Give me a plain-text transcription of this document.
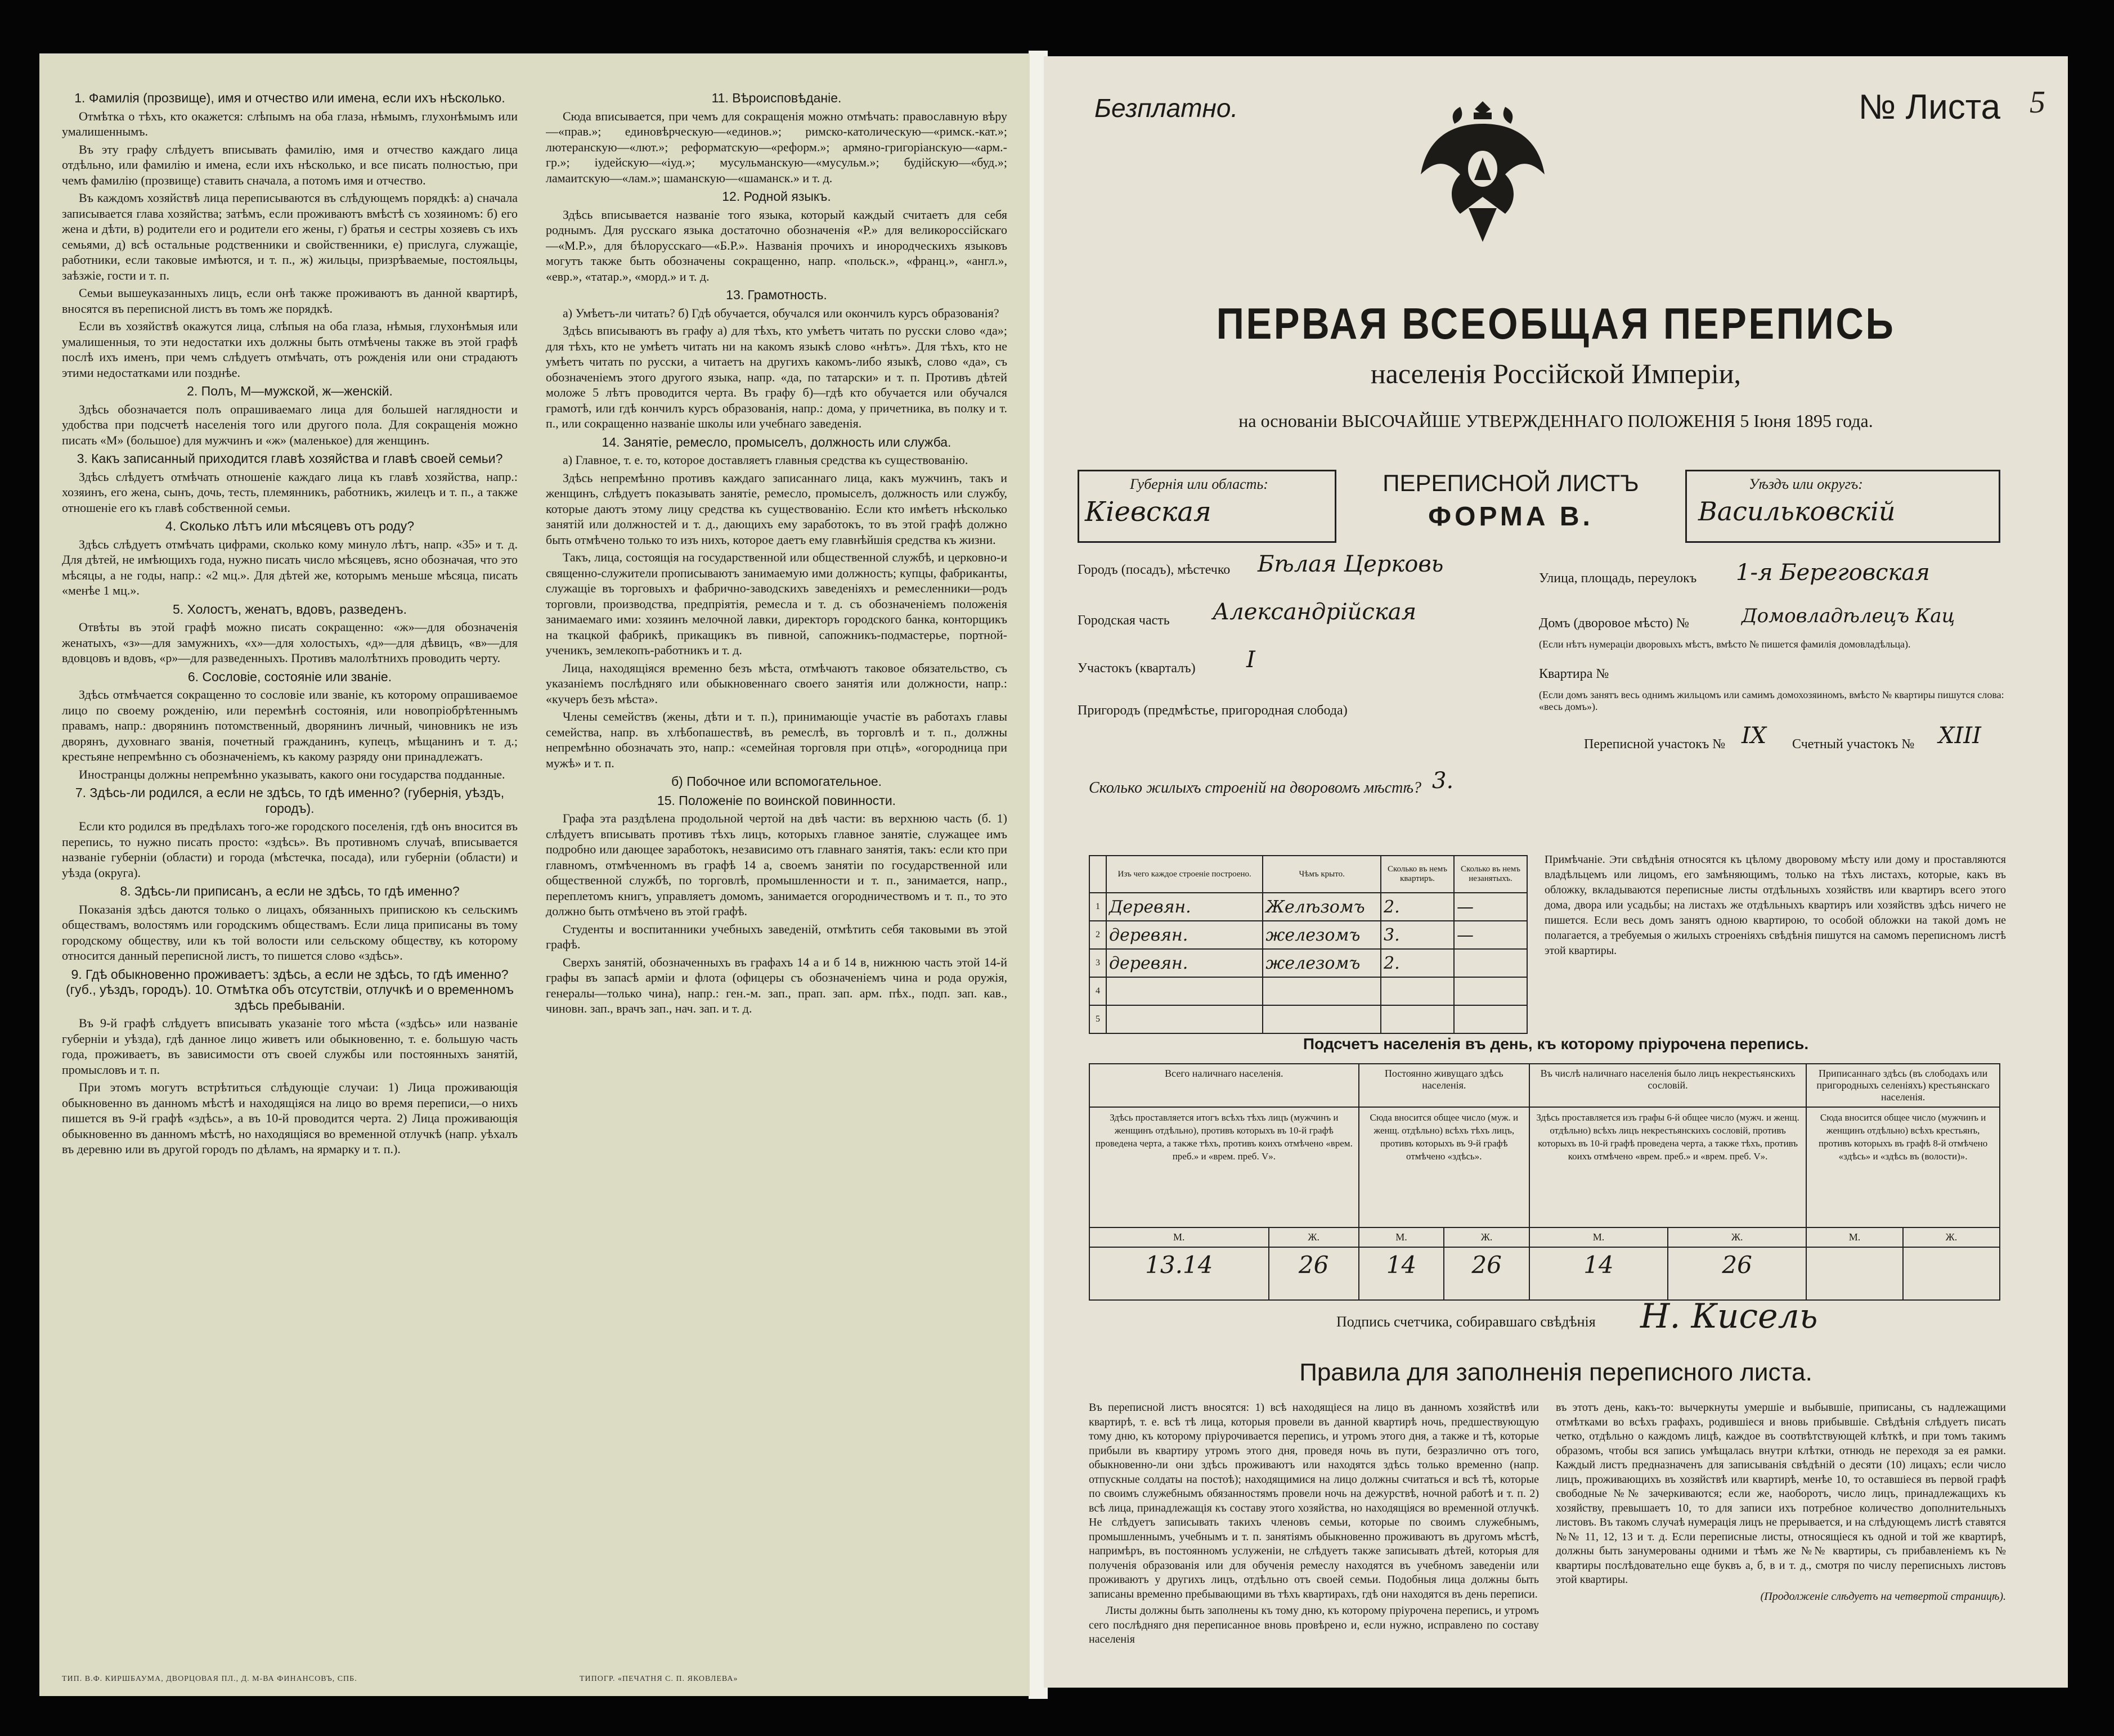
1. Фамилія (прозвище), имя и отчество или имена, если ихъ нѣсколько.

Отмѣтка о тѣхъ, кто окажется: слѣпымъ на оба глаза, нѣмымъ, глухонѣмымъ или умалишеннымъ.

Въ эту графу слѣдуетъ вписывать фамилію, имя и отчество каждаго лица отдѣльно, или фамилію и имена, если ихъ нѣсколько, и все писать полностью, при чемъ фамилію (прозвище) ставить сначала, а потомъ имя и отчество.

Въ каждомъ хозяйствѣ лица переписываются въ слѣдующемъ порядкѣ: а) сначала записывается глава хозяйства; затѣмъ, если проживаютъ вмѣстѣ съ хозяиномъ: б) его жена и дѣти, в) родители его и родители его жены, г) братья и сестры хозяевъ съ ихъ семьями, д) всѣ остальные родственники и свойственники, е) прислуга, служащіе, работники, если таковые имѣются, и т. п., ж) жильцы, призрѣваемые, постояльцы, заѣзжіе, гости и т. п.

Семьи вышеуказанныхъ лицъ, если онѣ также проживаютъ въ данной квартирѣ, вносятся въ переписной листъ въ томъ же порядкѣ.

Если въ хозяйствѣ окажутся лица, слѣпыя на оба глаза, нѣмыя, глухонѣмыя или умалишенныя, то эти недостатки ихъ должны быть отмѣчены также въ этой графѣ послѣ ихъ именъ, при чемъ слѣдуетъ отмѣчать, отъ рожденія или они страдаютъ этими недостатками или позднѣе.

2. Полъ, М—мужской, ж—женскій.

Здѣсь обозначается полъ опрашиваемаго лица для большей наглядности и удобства при подсчетѣ населенія того или другого пола. Для сокращенія можно писать «М» (большое) для мужчинъ и «ж» (маленькое) для женщинъ.

3. Какъ записанный приходится главѣ хозяйства и главѣ своей семьи?

Здѣсь слѣдуетъ отмѣчать отношеніе каждаго лица къ главѣ хозяйства, напр.: хозяинъ, его жена, сынъ, дочь, тесть, племянникъ, работникъ, жилецъ и т. п., а также отношеніе его къ главѣ собственной семьи.

4. Сколько лѣтъ или мѣсяцевъ отъ роду?

Здѣсь слѣдуетъ отмѣчать цифрами, сколько кому минуло лѣтъ, напр. «35» и т. д. Для дѣтей, не имѣющихъ года, нужно писать число мѣсяцевъ, ясно обозначая, что это мѣсяцы, а не годы, напр.: «2 мц.». Для дѣтей же, которымъ меньше мѣсяца, писать «менѣе 1 мц.».

5. Холостъ, женатъ, вдовъ, разведенъ.

Отвѣты въ этой графѣ можно писать сокращенно: «ж»—для обозначенія женатыхъ, «з»—для замужнихъ, «х»—для холостыхъ, «д»—для дѣвицъ, «в»—для вдовцовъ и вдовъ, «р»—для разведенныхъ. Противъ малолѣтнихъ проводить черту.

6. Сословіе, состояніе или званіе.

Здѣсь отмѣчается сокращенно то сословіе или званіе, къ которому опрашиваемое лицо по своему рожденію, или перемѣнѣ состоянія, или новопріобрѣтеннымъ правамъ, напр.: дворянинъ потомственный, дворянинъ личный, чиновникъ не изъ дворянъ, духовнаго званія, почетный гражданинъ, купецъ, мѣщанинъ и т. д.; крестьяне непремѣнно съ обозначеніемъ, къ какому разряду они принадлежатъ.

Иностранцы должны непремѣнно указывать, какого они государства подданные.

7. Здѣсь-ли родился, а если не здѣсь, то гдѣ именно? (губернія, уѣздъ, городъ).

Если кто родился въ предѣлахъ того-же городского поселенія, гдѣ онъ вносится въ перепись, то нужно писать просто: «здѣсь». Въ противномъ случаѣ, вписывается названіе губерніи (области) и города (мѣстечка, посада), или губерніи (области) и уѣзда (округа).

8. Здѣсь-ли приписанъ, а если не здѣсь, то гдѣ именно?

Показанія здѣсь даются только о лицахъ, обязанныхъ припискою къ сельскимъ обществамъ, волостямъ или городскимъ обществамъ. Если лица приписаны въ тому городскому обществу, или къ той волости или сельскому обществу, къ которому относится данный переписной листъ, то пишется слово «здѣсь».

9. Гдѣ обыкновенно проживаетъ: здѣсь, а если не здѣсь, то гдѣ именно? (губ., уѣздъ, городъ). 10. Отмѣтка объ отсутствіи, отлучкѣ и о временномъ здѣсь пребываніи.

Въ 9-й графѣ слѣдуетъ вписывать указаніе того мѣста («здѣсь» или названіе губерніи и уѣзда), гдѣ данное лицо живетъ или обыкновенно, т. е. большую часть года, проживаетъ, въ зависимости отъ своей службы или постоянныхъ занятій, промысловъ и т. п.

При этомъ могутъ встрѣтиться слѣдующіе случаи: 1) Лица проживающія обыкновенно въ данномъ мѣстѣ и находящіяся на лицо во время переписи,—о нихъ пишется въ 9-й графѣ «здѣсь», а въ 10-й проводится черта. 2) Лица проживающія обыкновенно въ данномъ мѣстѣ, но находящіяся во временной отлучкѣ (напр. уѣхалъ въ деревню или въ другой городъ по дѣламъ, на ярмарку и т. п.).

11. Вѣроисповѣданіе.

Сюда вписывается, при чемъ для сокращенія можно отмѣчать: православную вѣру—«прав.»; единовѣрческую—«единов.»; римско-католическую—«римск.-кат.»; лютеранскую—«лют.»; реформатскую—«реформ.»; армяно-григоріанскую—«арм.-гр.»; іудейскую—«іуд.»; мусульманскую—«мусульм.»; будійскую—«буд.»; ламаитскую—«лам.»; шаманскую—«шаманск.» и т. д.

12. Родной языкъ.

Здѣсь вписывается названіе того языка, который каждый считаетъ для себя роднымъ. Для русскаго языка достаточно обозначенія «Р.» для великороссійскаго—«М.Р.», для бѣлорусскаго—«Б.Р.». Названія прочихъ и инородческихъ языковъ могутъ также быть обозначены сокращенно, напр. «польск.», «франц.», «англ.», «евр.», «татар.», «морд.» и т. д.

13. Грамотность.

а) Умѣетъ-ли читать? б) Гдѣ обучается, обучался или окончилъ курсъ образованія?

Здѣсь вписываютъ въ графу а) для тѣхъ, кто умѣетъ читать по русски слово «да»; для тѣхъ, кто не умѣетъ читать ни на какомъ языкѣ слово «нѣтъ». Для тѣхъ, кто не умѣетъ читать по русски, а читаетъ на другихъ какомъ-либо языкѣ, слово «да», съ обозначеніемъ этого другого языка, напр. «да, по татарски» и т. п. Противъ дѣтей моложе 5 лѣтъ проводится черта. Въ графу б)—гдѣ кто обучается или обучался грамотѣ, или гдѣ кончилъ курсъ образованія, напр.: дома, у причетника, въ полку и т. п., или сокращенно названіе школы или учебнаго заведенія.

14. Занятіе, ремесло, промыселъ, должность или служба.

а) Главное, т. е. то, которое доставляетъ главныя средства къ существованію.

Здѣсь непремѣнно противъ каждаго записаннаго лица, какъ мужчинъ, такъ и женщинъ, слѣдуетъ показывать занятіе, ремесло, промыселъ, должность или службу, которые даютъ этому лицу средства къ существованію. Если кто имѣетъ нѣсколько занятій или должностей и т. д., дающихъ ему заработокъ, то въ этой графѣ должно быть отмѣчено только то изъ нихъ, которое даетъ ему главнѣйшія средства къ жизни.

Такъ, лица, состоящія на государственной или общественной службѣ, и церковно-и священно-служители прописываютъ занимаемую ими должность; купцы, фабриканты, служащіе въ торговыхъ и фабрично-заводскихъ заведеніяхъ и ремесленники—родъ торговли, производства, предпріятія, ремесла и т. д. съ обозначеніемъ положенія занимаемаго ими: хозяинъ мелочной лавки, директоръ городского банка, конторщикъ на ткацкой фабрикѣ, прикащикъ въ пивной, сапожникъ-подмастерье, портной-ученикъ, землекопъ-работникъ и т. д.

Лица, находящіяся временно безъ мѣста, отмѣчаютъ таковое обязательство, съ указаніемъ послѣдняго или обыкновеннаго своего занятія или должности, напр.: «кучеръ безъ мѣста».

Члены семействъ (жены, дѣти и т. п.), принимающіе участіе въ работахъ главы семейства, напр. въ хлѣбопашествѣ, въ ремеслѣ, въ торговлѣ и т. п., должны непремѣнно обозначать это, напр.: «семейная торговля при отцѣ», «огородница при мужѣ» и т. п.

б) Побочное или вспомогательное.
15. Положеніе по воинской повинности.

Графа эта раздѣлена продольной чертой на двѣ части: въ верхнюю часть (б. 1) слѣдуетъ вписывать противъ тѣхъ лицъ, которыхъ главное занятіе, служащее имъ подробно или дающее заработокъ, независимо отъ главнаго занятія, такъ: если кто при главномъ, отмѣченномъ въ графѣ 14 а, своемъ занятіи по государственной или общественной службѣ, по торговлѣ, промышленности и т. п., занимается, напр., переплетомъ книгъ, управляетъ домомъ, занимается огородничествомъ и т. п., то это должно быть отмѣчено въ этой графѣ.

Студенты и воспитанники учебныхъ заведеній, отмѣтить себя таковыми въ этой графѣ.

Сверхъ занятій, обозначенныхъ въ графахъ 14 а и б 14 в, нижнюю часть этой 14-й графы въ запасѣ арміи и флота (офицеры съ обозначеніемъ чина и рода оружія, генералы—только чина), напр.: ген.-м. зап., прап. зап. арм. пѣх., подп. зап. кав., чиновн. зап., врачъ зап., нач. зап. и т. д.

ТИП. В.Ф. КИРШБАУМА, ДВОРЦОВАЯ ПЛ., Д. М-ВА ФИНАНСОВЪ, СПБ.	ТИПОГР. «ПЕЧАТНЯ С. П. ЯКОВЛЕВА»
Безплатно.	№ Листа 5
ПЕРВАЯ ВСЕОБЩАЯ ПЕРЕПИСЬ
населенія Россійской Имперіи,
на основаніи ВЫСОЧАЙШЕ УТВЕРЖДЕННАГО ПОЛОЖЕНІЯ 5 Іюня 1895 года.
Губернія или область:
Кіевская
ПЕРЕПИСНОЙ ЛИСТЪ
ФОРМА В.
Уѣздъ или округъ:
Васильковскій
Городъ (посадъ), мѣстечко Бѣлая Церковь
Улица, площадь, переулокъ 1-я Береговская
Городская часть Александрійская	Домъ (дворовое мѣсто) №	Домовладѣлецъ Кац
(Если нѣтъ нумераціи дворовыхъ мѣстъ, вмѣсто № пишется фамилія домовладѣльца).
Участокъ (кварталъ) I
Квартира №
Пригородъ (предмѣстье, пригородная слобода)
(Если домъ занятъ весь однимъ жильцомъ или самимъ домохозяиномъ, вмѣсто № квартиры пишутся слова: «весь домъ»).
Переписной участокъ № IX Счетный участокъ № XIII
Сколько жилыхъ строеній на дворовомъ мѣстѣ? 3.
	Изъ чего каждое строеніе построено.	Чѣмъ крыто.	Сколько въ немъ квартиръ.	Сколько въ немъ незанятыхъ.
1	Деревян.	Желѣзомъ	2.	—
2	деревян.	железомъ	3.	—
3	деревян.	железомъ	2.	
4				
5				
Примѣчаніе. Эти свѣдѣнія относятся къ цѣлому дворовому мѣсту или дому и проставляются владѣльцемъ или лицомъ, его замѣняющимъ, только на тѣхъ листахъ, которые, какъ въ обложку, вкладываются переписные листы отдѣльныхъ хозяйствъ или квартиръ всего этого дома, двора или усадьбы; на листахъ же отдѣльныхъ квартиръ или хозяйствъ здѣсь ничего не пишется. Если весь домъ занятъ одною квартирою, то особой обложки на такой домъ не полагается, а требуемыя о жилыхъ строеніяхъ свѣдѣнія пишутся на самомъ переписномъ листѣ этой квартиры.
Подсчетъ населенія въ день, къ которому пріурочена перепись.
Всего наличнаго населенія.		Постоянно живущаго здѣсь населенія.		Въ числѣ наличнаго населенія было лицъ некрестьянскихъ сословій.		Приписаннаго здѣсь (въ слободахъ или пригородныхъ селеніяхъ) крестьянскаго населенія.	
Здѣсь проставляется итогъ всѣхъ тѣхъ лицъ (мужчинъ и женщинъ отдѣльно), противъ которыхъ въ 10-й графѣ проведена черта, а также тѣхъ, противъ коихъ отмѣчено «врем. преб.» и «врем. преб. V».		Сюда вносится общее число (муж. и женщ. отдѣльно) всѣхъ тѣхъ лицъ, противъ которыхъ въ 9-й графѣ отмѣчено «здѣсь».		Здѣсь проставляется изъ графы 6-й общее число (мужч. и женщ. отдѣльно) всѣхъ лицъ некрестьянскихъ сословій, противъ которыхъ въ 10-й графѣ проведена черта, а также тѣхъ, противъ коихъ отмѣчено «врем. преб.» и «врем. преб. V».		Сюда вносится общее число (мужчинъ и женщинъ отдѣльно) всѣхъ крестьянъ, противъ которыхъ въ графѣ 8-й отмѣчено «здѣсь» и «здѣсь въ (волости)».	
М.	Ж.	М.	Ж.	М.	Ж.	М.	Ж.
13.14	26	14	26	14	26		
Подпись счетчика, собиравшаго свѣдѣнія Н. Кисель
Правила для заполненія переписного листа.
Въ переписной листъ вносятся: 1) всѣ находящіеся на лицо въ данномъ хозяйствѣ или квартирѣ, т. е. всѣ тѣ лица, которыя провели въ данной квартирѣ ночь, предшествующую тому дню, къ которому пріурочивается перепись, и утромъ этого дня, а также и тѣ, которые прибыли въ квартиру утромъ этого дня, проведя ночь въ пути, безразлично отъ того, обыкновенно-ли они здѣсь проживаютъ или находятся здѣсь только временно (напр. отпускные солдаты на постоѣ); находящимися на лицо должны считаться и всѣ тѣ, которые по своимъ служебнымъ обязанностямъ провели ночь на дежурствѣ, ночной работѣ и т. п. 2) всѣ лица, принадлежащія къ составу этого хозяйства, но находящіяся во временной отлучкѣ. Не слѣдуетъ записывать такихъ членовъ семьи, которые по своимъ служебнымъ, промышленнымъ, учебнымъ и т. п. занятіямъ обыкновенно проживаютъ въ другомъ мѣстѣ, напримѣръ, въ постоянномъ услуженіи, не слѣдуетъ также записывать дѣтей, которыя для полученія образованія или для обученія ремеслу находятся въ учебномъ заведеніи или проживаютъ у другихъ лицъ, отдѣльно отъ своей семьи. Подобныя лица должны быть записаны временно пребывающими въ тѣхъ квартирахъ, гдѣ они находятся въ день переписи.
Листы должны быть заполнены къ тому дню, къ которому пріурочена перепись, и утромъ сего послѣдняго дня переписанное вновь провѣрено и, если нужно, исправлено по составу населенія
въ этотъ день, какъ-то: вычеркнуты умершіе и выбывшіе, приписаны, съ надлежащими отмѣтками во всѣхъ графахъ, родившіеся и вновь прибывшіе. Свѣдѣнія слѣдуетъ писать четко, отдѣльно о каждомъ лицѣ, каждое въ соотвѣтствующей клѣткѣ, и при томъ такимъ образомъ, чтобы вся запись умѣщалась внутри клѣтки, отнюдь не переходя за ея рамки. Каждый листъ предназначенъ для записыванія свѣдѣній о десяти (10) лицахъ; если число лицъ, проживающихъ въ хозяйствѣ или квартирѣ, менѣе 10, то оставшіеся въ первой графѣ свободные №№ зачеркиваются; если же, наоборотъ, число лицъ, принадлежащихъ къ хозяйству, превышаетъ 10, то для записи ихъ потребное количество дополнительныхъ листовъ. Въ такомъ случаѣ нумерація лицъ не прерывается, и на слѣдующемъ листѣ ставятся №№ 11, 12, 13 и т. д. Если переписные листы, относящіеся къ одной и той же квартирѣ, должны быть занумерованы одними и тѣмъ же №№ квартиры, съ прибавленіемъ къ № квартиры послѣдовательно еще буквъ а, б, в и т. д., смотря по числу переписныхъ листовъ этой квартиры.
(Продолженіе слѣдуетъ на четвертой страницѣ).
